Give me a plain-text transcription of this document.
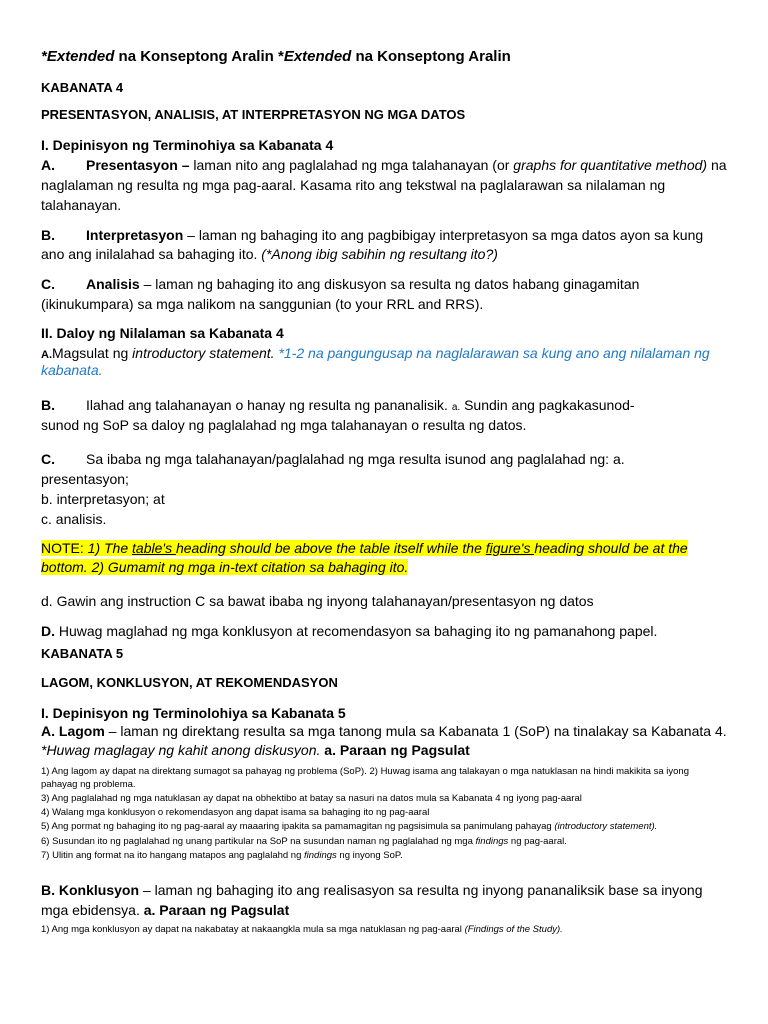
*Extended na Konseptong Aralin *Extended na Konseptong Aralin
KABANATA 4
PRESENTASYON, ANALISIS, AT INTERPRETASYON NG MGA DATOS
I. Depinisyon ng Terminohiya sa Kabanata 4
A. Presentasyon – laman nito ang paglalahad ng mga talahanayan (or graphs for quantitative method) na
naglalaman ng resulta ng mga pag-aaral. Kasama rito ang tekstwal na paglalarawan sa nilalaman ng
talahanayan.
B. Interpretasyon – laman ng bahaging ito ang pagbibigay interpretasyon sa mga datos ayon sa kung
ano ang inilalahad sa bahaging ito. (*Anong ibig sabihin ng resultang ito?)
C. Analisis – laman ng bahaging ito ang diskusyon sa resulta ng datos habang ginagamitan
(ikinukumpara) sa mga nalikom na sanggunian (to your RRL and RRS).
II. Daloy ng Nilalaman sa Kabanata 4
A.Magsulat ng introductory statement. *1-2 na pangungusap na naglalarawan sa kung ano ang nilalaman ng
kabanata.
B. Ilahad ang talahanayan o hanay ng resulta ng pananalisik. a. Sundin ang pagkakasunod-
sunod ng SoP sa daloy ng paglalahad ng mga talahanayan o resulta ng datos.
C. Sa ibaba ng mga talahanayan/paglalahad ng mga resulta isunod ang paglalahad ng: a.
presentasyon;
b. interpretasyon; at
c. analisis.
NOTE: 1) The table's heading should be above the table itself while the figure's heading should be at the
bottom. 2) Gumamit ng mga in-text citation sa bahaging ito.
d. Gawin ang instruction C sa bawat ibaba ng inyong talahanayan/presentasyon ng datos
D. Huwag maglahad ng mga konklusyon at recomendasyon sa bahaging ito ng pamanahong papel.
KABANATA 5
LAGOM, KONKLUSYON, AT REKOMENDASYON
I. Depinisyon ng Terminolohiya sa Kabanata 5
A. Lagom – laman ng direktang resulta sa mga tanong mula sa Kabanata 1 (SoP) na tinalakay sa Kabanata 4.
*Huwag maglagay ng kahit anong diskusyon. a. Paraan ng Pagsulat
1) Ang lagom ay dapat na direktang sumagot sa pahayag ng problema (SoP). 2) Huwag isama ang talakayan o mga natuklasan na hindi makikita sa iyong
pahayag ng problema.
3) Ang paglalahad ng mga natuklasan ay dapat na obhektibo at batay sa nasuri na datos mula sa Kabanata 4 ng iyong pag-aaral
4) Walang mga konklusyon o rekomendasyon ang dapat isama sa bahaging ito ng pag-aaral
5) Ang pormat ng bahaging ito ng pag-aaral ay maaaring ipakita sa pamamagitan ng pagsisimula sa panimulang pahayag (introductory statement).
6) Susundan ito ng paglalahad ng unang partikular na SoP na susundan naman ng paglalahad ng mga findings ng pag-aaral.
7) Ulitin ang format na ito hangang matapos ang paglalahd ng findings ng inyong SoP.
B. Konklusyon – laman ng bahaging ito ang realisasyon sa resulta ng inyong pananaliksik base sa inyong
mga ebidensya. a. Paraan ng Pagsulat
1) Ang mga konklusyon ay dapat na nakabatay at nakaangkla mula sa mga natuklasan ng pag-aaral (Findings of the Study).
